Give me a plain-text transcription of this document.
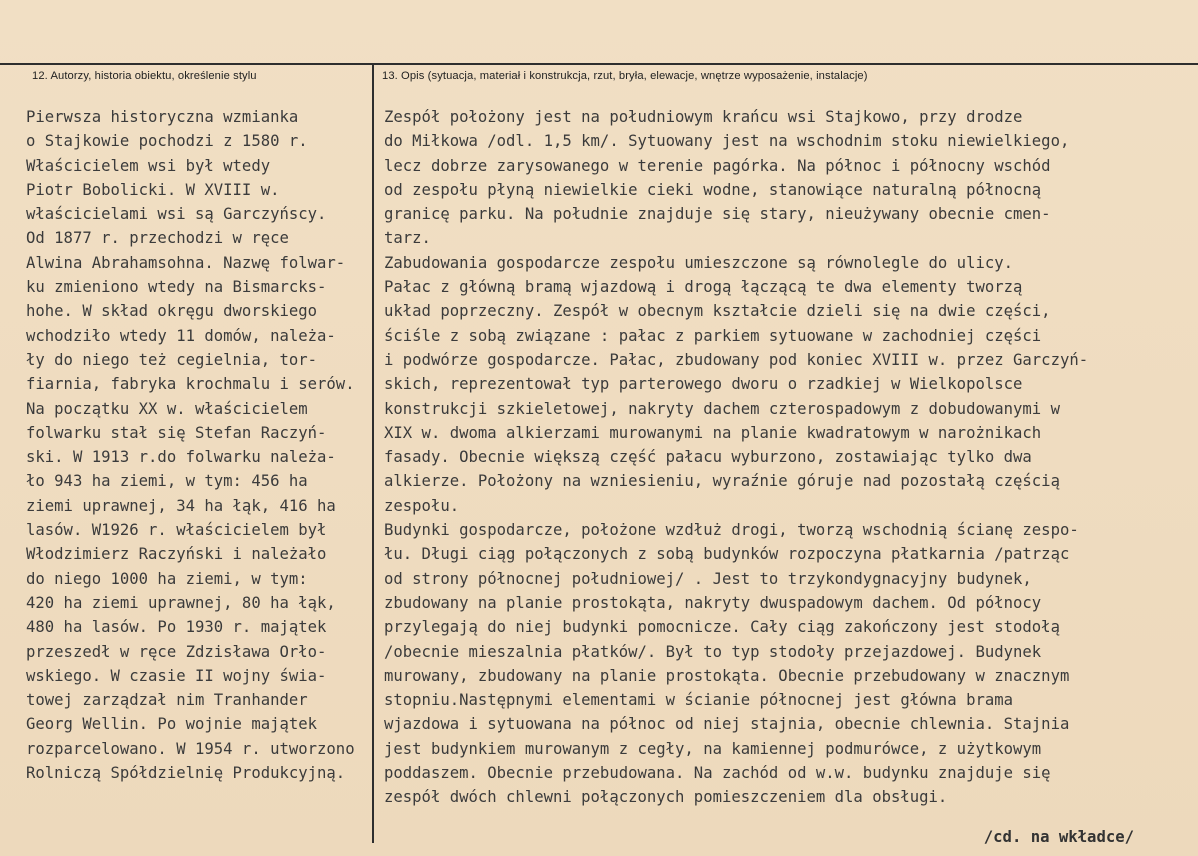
12. Autorzy, historia obiektu, określenie stylu	13. Opis (sytuacja, materiał i konstrukcja, rzut, bryła, elewacje, wnętrze wyposażenie, instalacje)
Pierwsza historyczna wzmianka
o Stajkowie pochodzi z 1580 r.
Właścicielem wsi był wtedy
Piotr Bobolicki. W XVIII w.
właścicielami wsi są Garczyńscy.
Od 1877 r. przechodzi w ręce
Alwina Abrahamsohna. Nazwę folwar-
ku zmieniono wtedy na Bismarcks-
hohe. W skład okręgu dworskiego
wchodziło wtedy 11 domów, należa-
ły do niego też cegielnia, tor-
fiarnia, fabryka krochmalu i serów.
Na początku XX w. właścicielem
folwarku stał się Stefan Raczyń-
ski. W 1913 r.do folwarku należa-
ło 943 ha ziemi, w tym: 456 ha
ziemi uprawnej, 34 ha łąk, 416 ha
lasów. W1926 r. właścicielem był
Włodzimierz Raczyński i należało
do niego 1000 ha ziemi, w tym:
420 ha ziemi uprawnej, 80 ha łąk,
480 ha lasów. Po 1930 r. majątek
przeszedł w ręce Zdzisława Orło-
wskiego. W czasie II wojny świa-
towej zarządzał nim Tranhander
Georg Wellin. Po wojnie majątek
rozparcelowano. W 1954 r. utworzono
Rolniczą Spółdzielnię Produkcyjną.
Zespół położony jest na południowym krańcu wsi Stajkowo, przy drodze
do Miłkowa /odl. 1,5 km/. Sytuowany jest na wschodnim stoku niewielkiego,
lecz dobrze zarysowanego w terenie pagórka. Na północ i północny wschód
od zespołu płyną niewielkie cieki wodne, stanowiące naturalną północną
granicę parku. Na południe znajduje się stary, nieużywany obecnie cmen-
tarz.
Zabudowania gospodarcze zespołu umieszczone są równolegle do ulicy.
Pałac z główną bramą wjazdową i drogą łączącą te dwa elementy tworzą
układ poprzeczny. Zespół w obecnym kształcie dzieli się na dwie części,
ściśle z sobą związane : pałac z parkiem sytuowane w zachodniej części
i podwórze gospodarcze. Pałac, zbudowany pod koniec XVIII w. przez Garczyń-
skich, reprezentował typ parterowego dworu o rzadkiej w Wielkopolsce
konstrukcji szkieletowej, nakryty dachem czterospadowym z dobudowanymi w
XIX w. dwoma alkierzami murowanymi na planie kwadratowym w narożnikach
fasady. Obecnie większą część pałacu wyburzono, zostawiając tylko dwa
alkierze. Położony na wzniesieniu, wyraźnie góruje nad pozostałą częścią
zespołu.
Budynki gospodarcze, położone wzdłuż drogi, tworzą wschodnią ścianę zespo-
łu. Długi ciąg połączonych z sobą budynków rozpoczyna płatkarnia /patrząc
od strony północnej południowej/ . Jest to trzykondygnacyjny budynek,
zbudowany na planie prostokąta, nakryty dwuspadowym dachem. Od północy
przylegają do niej budynki pomocnicze. Cały ciąg zakończony jest stodołą
/obecnie mieszalnia płatków/. Był to typ stodoły przejazdowej. Budynek
murowany, zbudowany na planie prostokąta. Obecnie przebudowany w znacznym
stopniu.Następnymi elementami w ścianie północnej jest główna brama
wjazdowa i sytuowana na północ od niej stajnia, obecnie chlewnia. Stajnia
jest budynkiem murowanym z cegły, na kamiennej podmurówce, z użytkowym
poddaszem. Obecnie przebudowana. Na zachód od w.w. budynku znajduje się
zespół dwóch chlewni połączonych pomieszczeniem dla obsługi.
/cd. na wkładce/
